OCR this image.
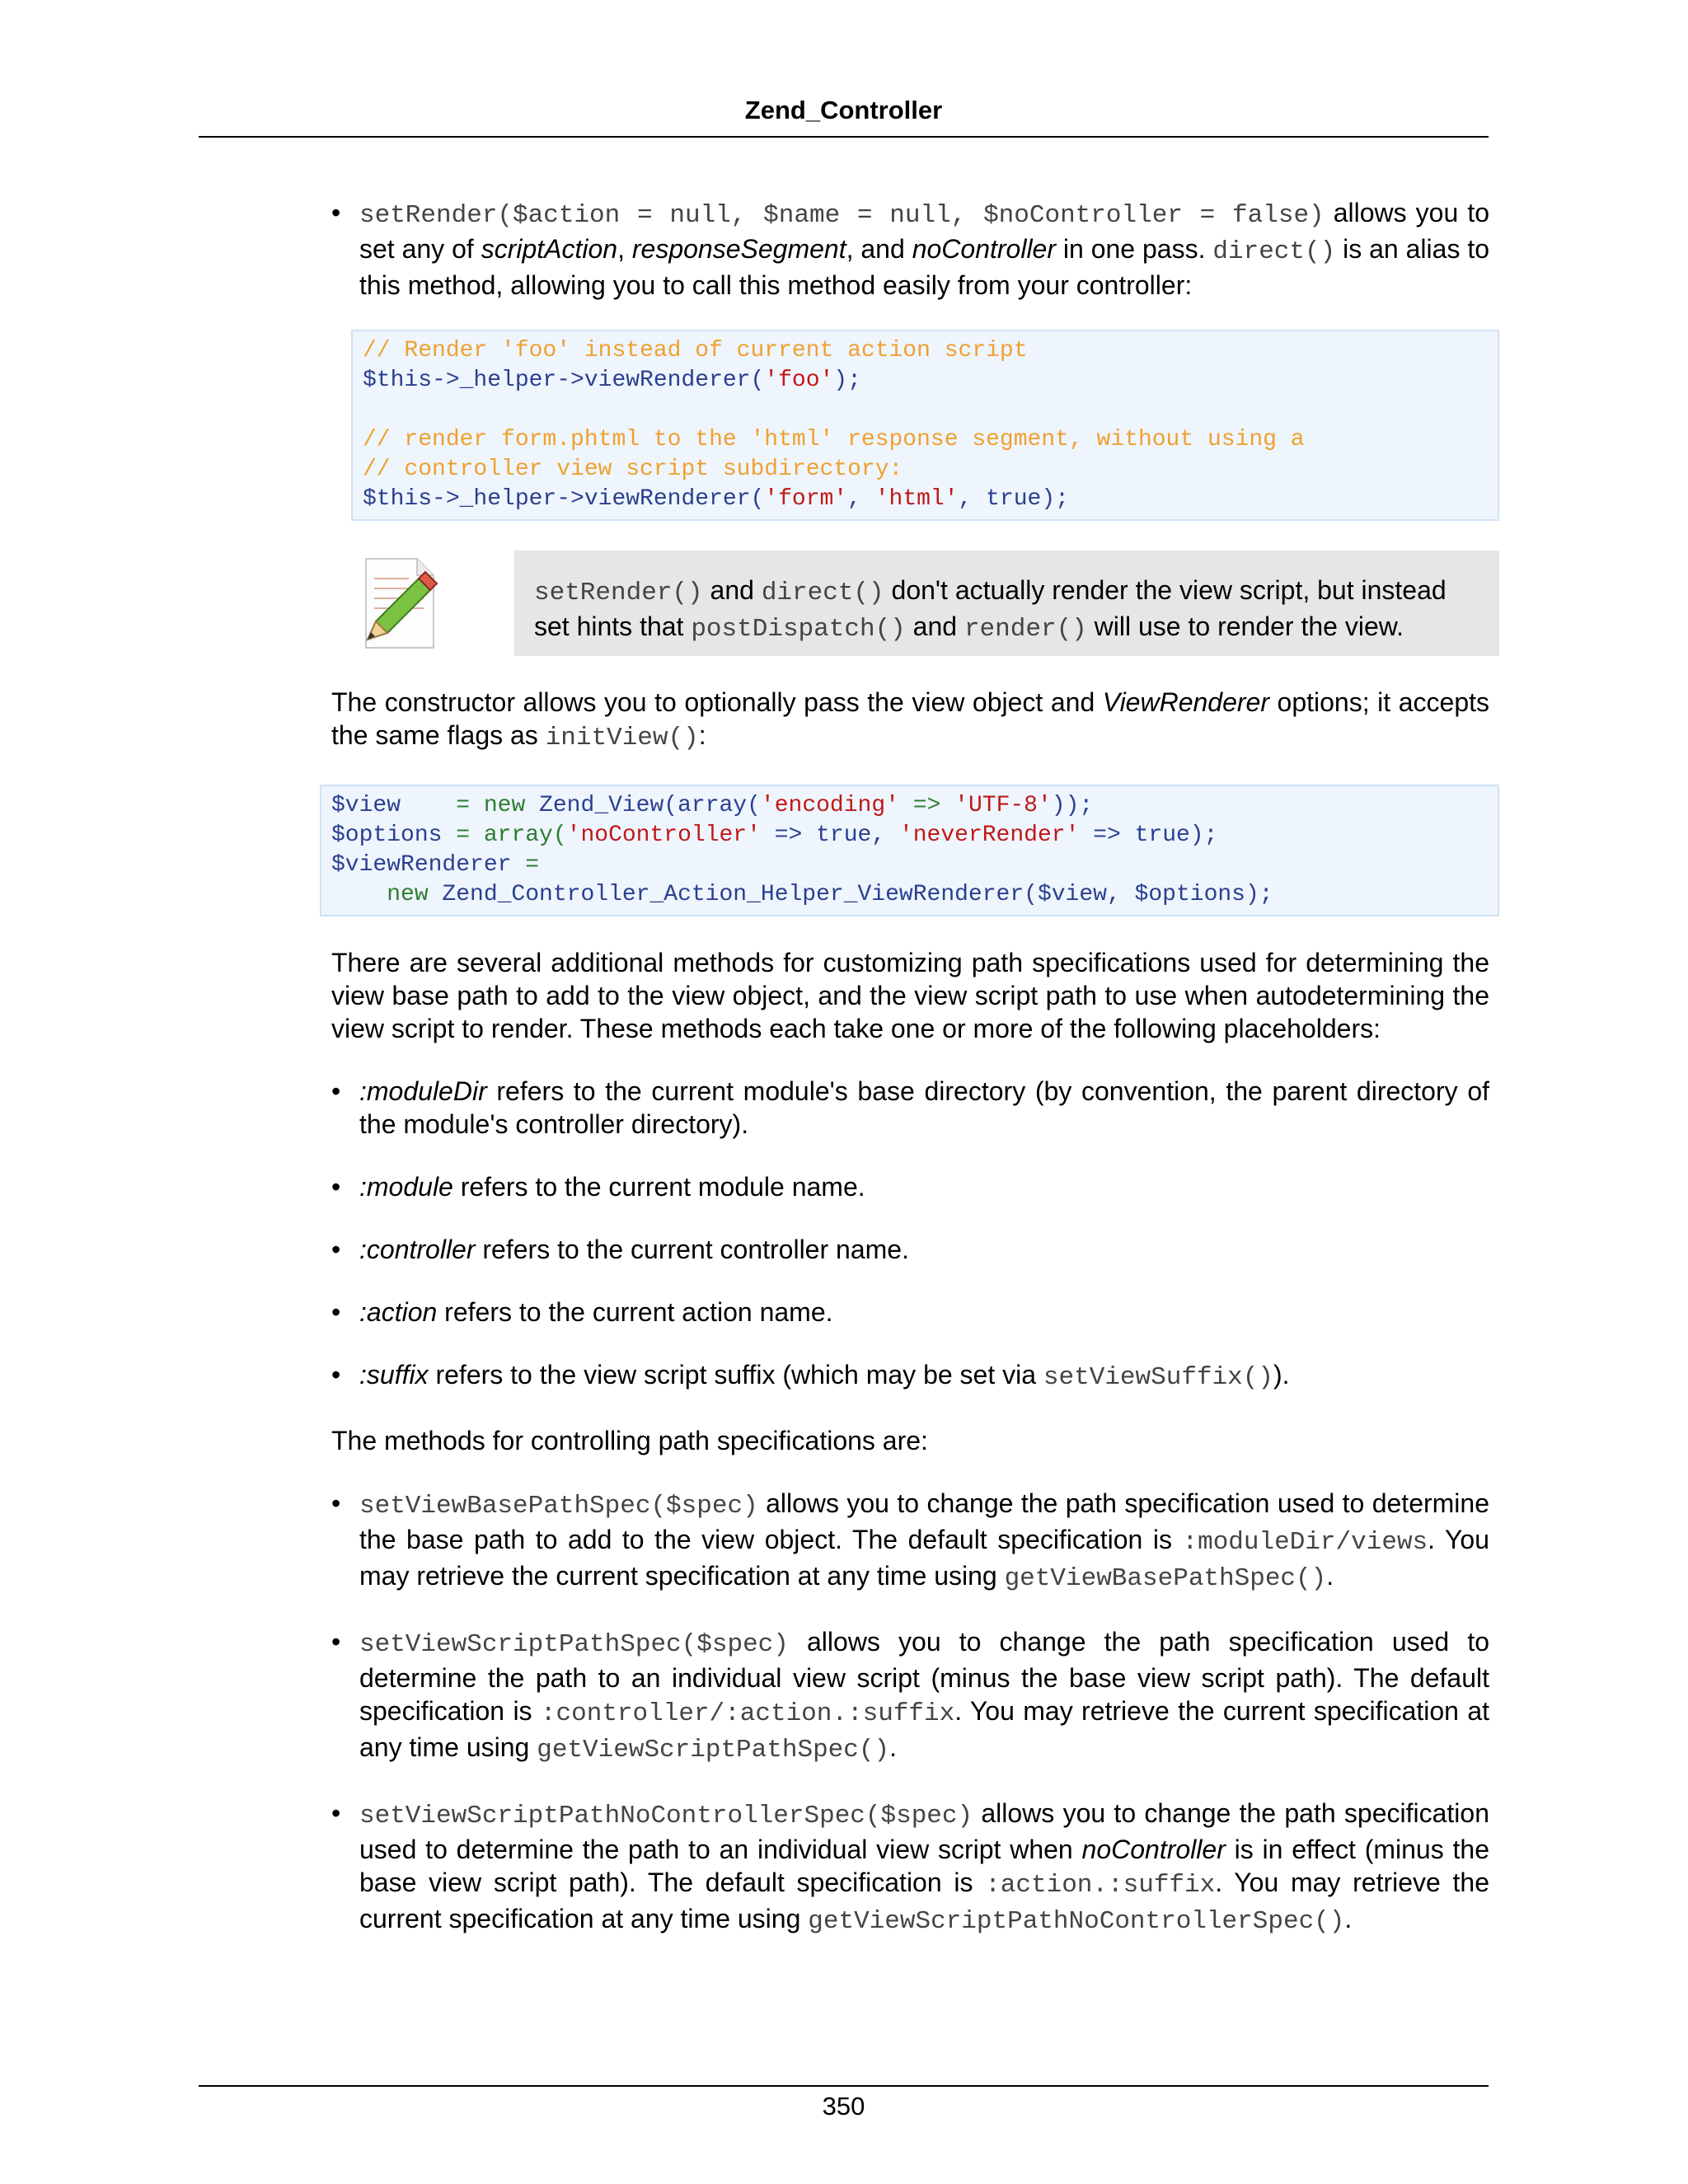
Zend_Controller
• setRender($action = null, $name = null, $noController = false) allows you to set any of scriptAction, responseSegment, and noController in one pass. direct() is an alias to this method, allowing you to call this method easily from your controller:
// Render 'foo' instead of current action script
$this->_helper->viewRenderer('foo');

// render form.phtml to the 'html' response segment, without using a
// controller view script subdirectory:
$this->_helper->viewRenderer('form', 'html', true);
setRender() and direct() don't actually render the view script, but instead set hints that postDispatch() and render() will use to render the view.

The constructor allows you to optionally pass the view object and ViewRenderer options; it accepts the same flags as initView():

$view    = new Zend_View(array('encoding' => 'UTF-8'));
$options = array('noController' => true, 'neverRender' => true);
$viewRenderer =
new Zend_Controller_Action_Helper_ViewRenderer($view, $options);

There are several additional methods for customizing path specifications used for determining the view base path to add to the view object, and the view script path to use when autodetermining the view script to render. These methods each take one or more of the following placeholders:

• :moduleDir refers to the current module's base directory (by convention, the parent directory of the module's controller directory).
• :module refers to the current module name.
• :controller refers to the current controller name.
• :action refers to the current action name.
• :suffix refers to the view script suffix (which may be set via setViewSuffix()).

The methods for controlling path specifications are:

• setViewBasePathSpec($spec) allows you to change the path specification used to determine the base path to add to the view object. The default specification is :moduleDir/views. You may retrieve the current specification at any time using getViewBasePathSpec().
• setViewScriptPathSpec($spec) allows you to change the path specification used to determine the path to an individual view script (minus the base view script path). The default specification is :controller/:action.:suffix. You may retrieve the current specification at any time using getViewScriptPathSpec().
• setViewScriptPathNoControllerSpec($spec) allows you to change the path specification used to determine the path to an individual view script when noController is in effect (minus the base view script path). The default specification is :action.:suffix. You may retrieve the current specification at any time using getViewScriptPathNoControllerSpec().
350
